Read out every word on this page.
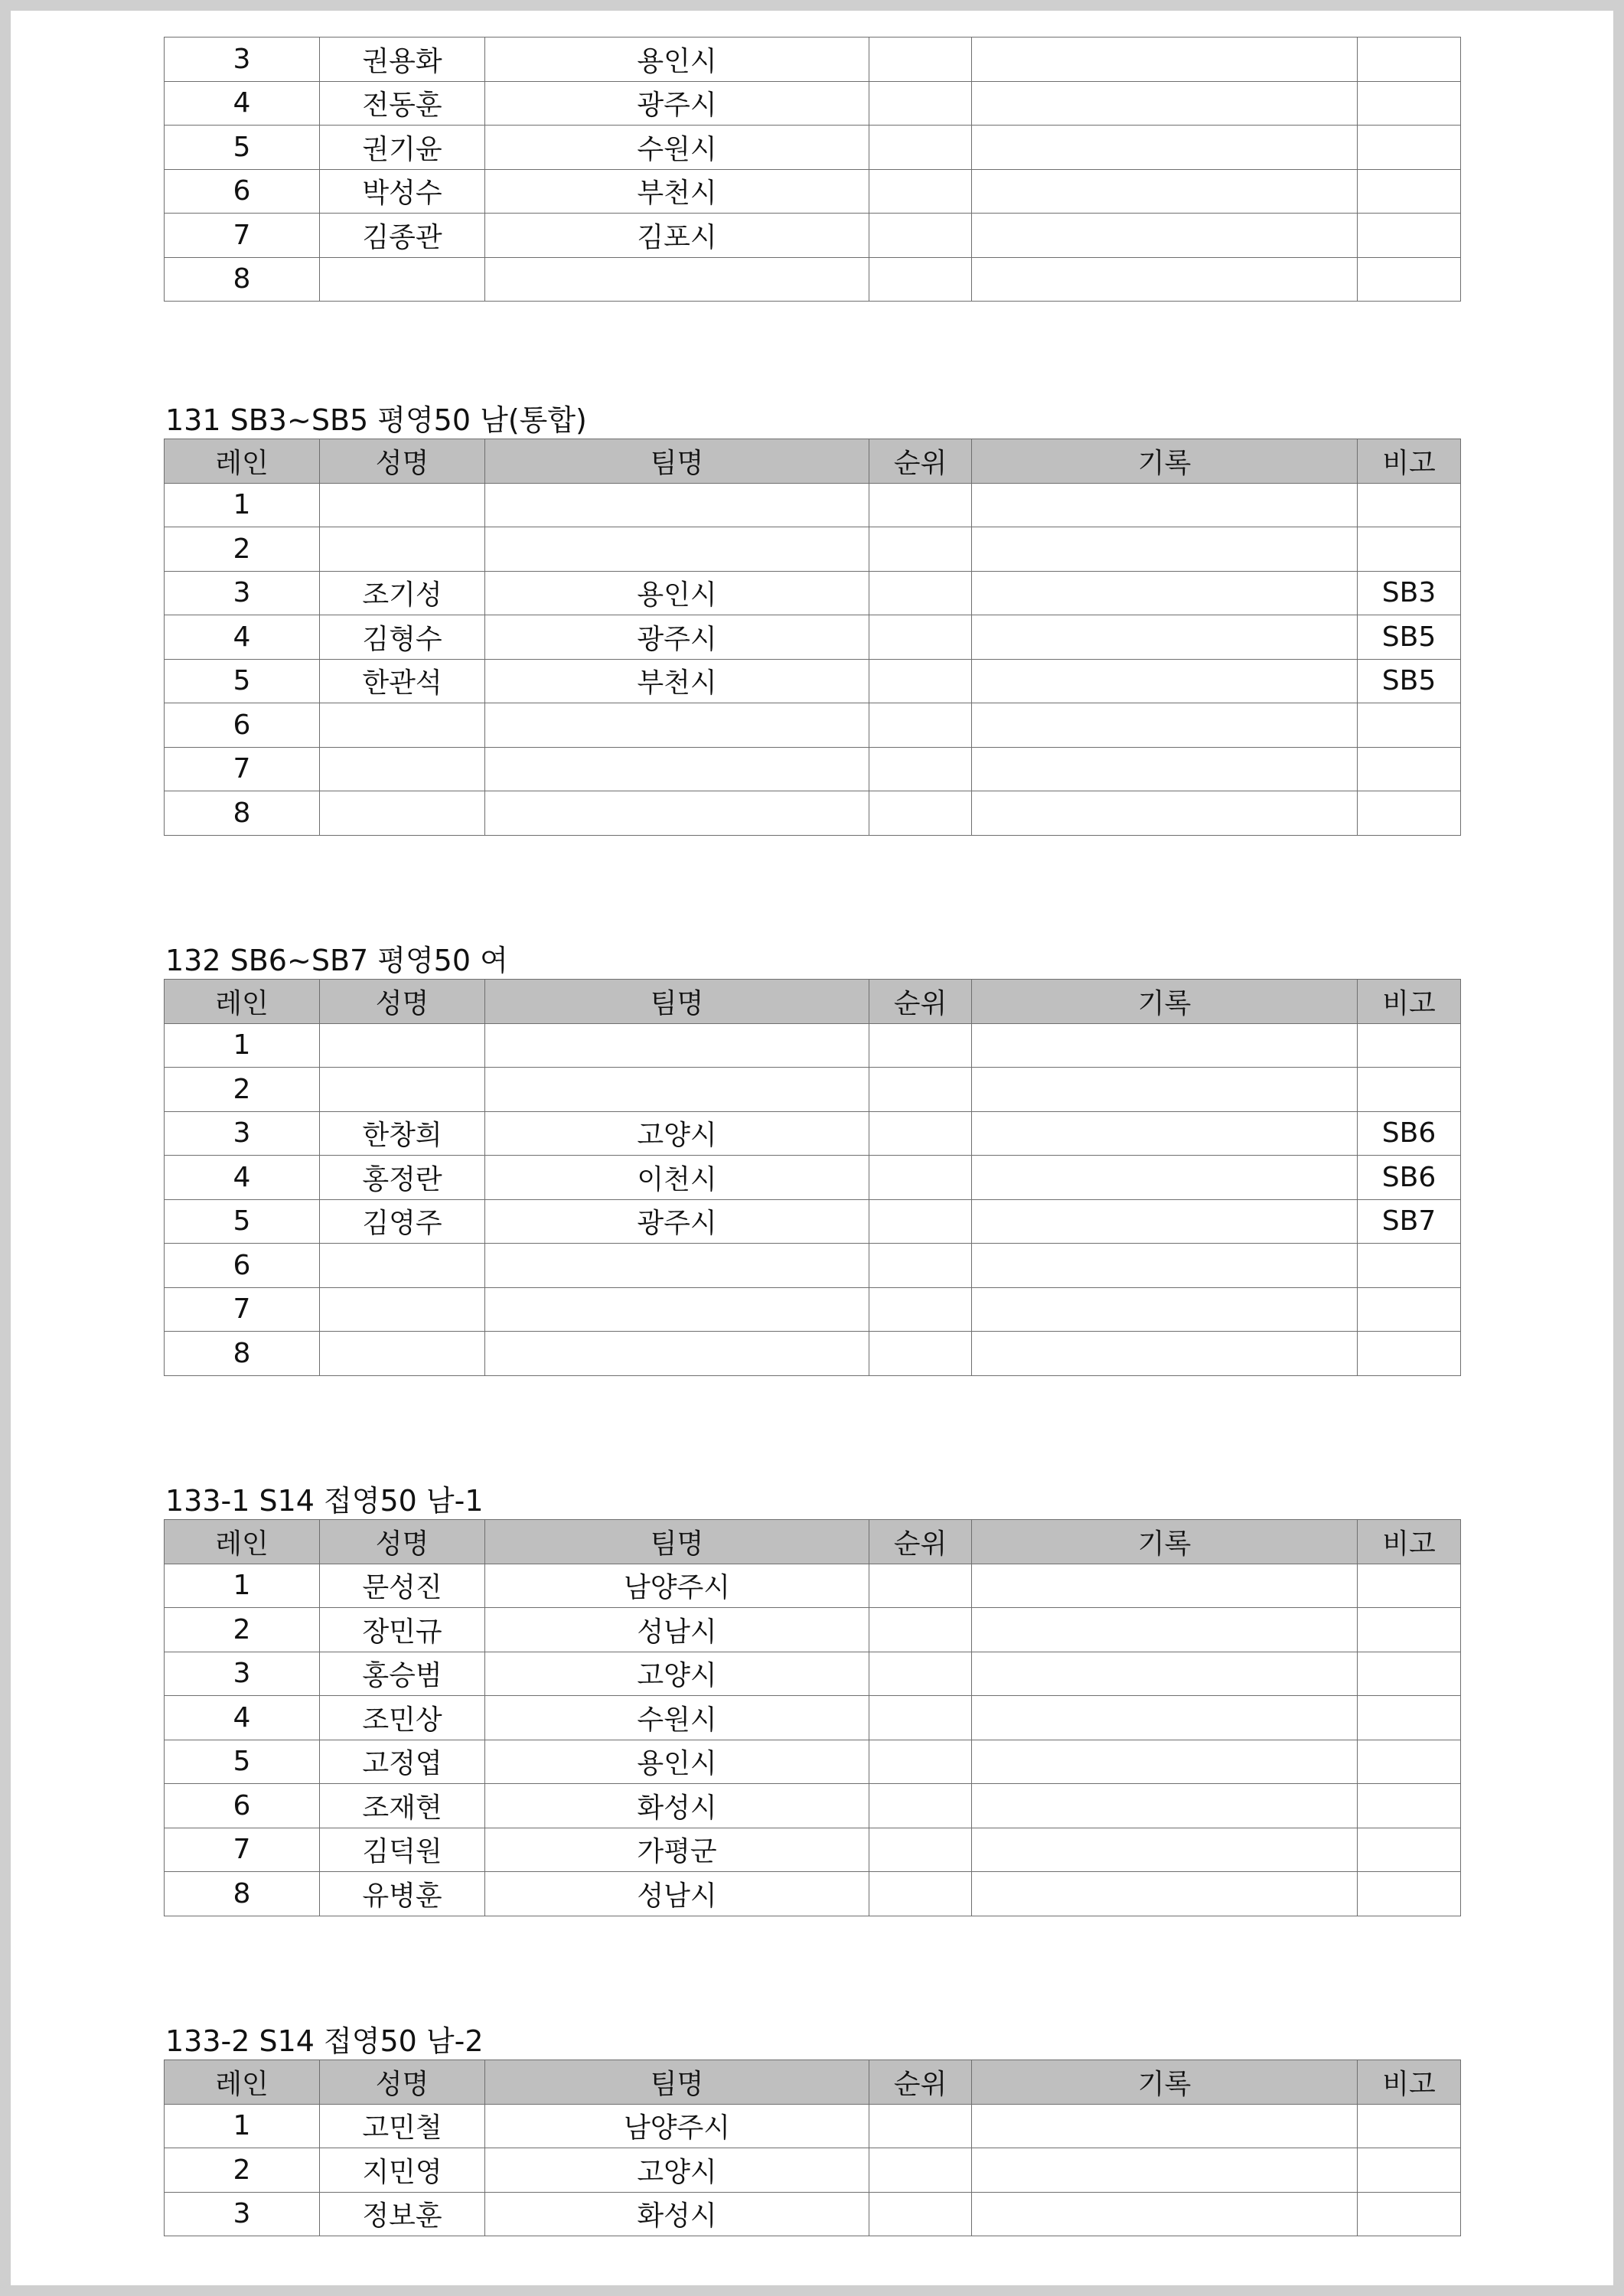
3	권용화	용인시			
4	전동훈	광주시			
5	권기윤	수원시			
6	박성수	부천시			
7	김종관	김포시			
8					
131 SB3~SB5 평영50 남(통합)
레인	성명	팀명	순위	기록	비고
1					
2					
3	조기성	용인시			SB3
4	김형수	광주시			SB5
5	한관석	부천시			SB5
6					
7					
8					
132 SB6~SB7 평영50 여
레인	성명	팀명	순위	기록	비고
1					
2					
3	한창희	고양시			SB6
4	홍정란	이천시			SB6
5	김영주	광주시			SB7
6					
7					
8					
133-1 S14 접영50 남-1
레인	성명	팀명	순위	기록	비고
1	문성진	남양주시			
2	장민규	성남시			
3	홍승범	고양시			
4	조민상	수원시			
5	고정엽	용인시			
6	조재현	화성시			
7	김덕원	가평군			
8	유병훈	성남시			
133-2 S14 접영50 남-2
레인	성명	팀명	순위	기록	비고
1	고민철	남양주시			
2	지민영	고양시			
3	정보훈	화성시			
